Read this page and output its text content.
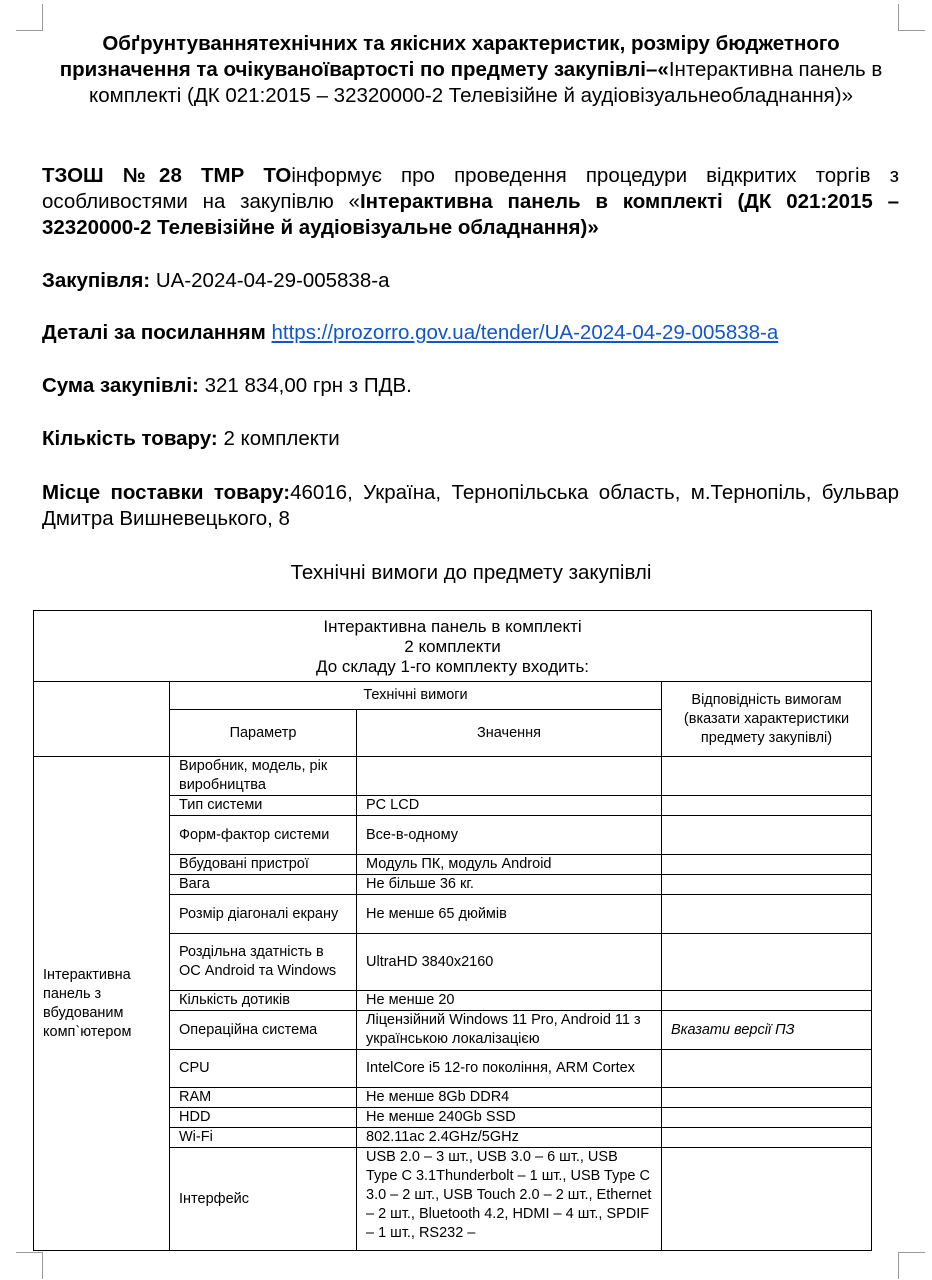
Обґрунтуваннятехнічних та якісних характеристик, розміру бюджетного призначення та очікуваноївартості по предмету закупівлі–«Інтерактивна панель в комплекті (ДК 021:2015 – 32320000-2 Телевізійне й аудіовізуальнеобладнання)»
ТЗОШ №28 ТМР ТОінформує про проведення процедури відкритих торгів з особливостями на закупівлю «Інтерактивна панель в комплекті (ДК 021:2015 – 32320000-2 Телевізійне й аудіовізуальне обладнання)»
Закупівля: UA-2024-04-29-005838-a
Деталі за посиланням https://prozorro.gov.ua/tender/UA-2024-04-29-005838-a
Сума закупівлі: 321 834,00 грн з ПДВ.
Кількість товару: 2 комплекти
Місце поставки товару:46016, Україна, Тернопільська область, м.Тернопіль, бульвар Дмитра Вишневецького, 8
Технічні вимоги до предмету закупівлі
Інтерактивна панель в комплекті
2 комплекти
До складу 1-го комплекту входить:			

	Технічні вимоги		Відповідність вимогам (вказати характеристики предмету закупівлі)
	Параметр	Значення	
Інтерактивна панель з вбудованим комп`ютером	Виробник, модель, рік виробництва		
	Тип системи	PC LCD	
	Форм-фактор системи	Все-в-одному	
	Вбудовані пристрої	Модуль ПК, модуль Android	
	Вага	Не більше 36 кг.	
	Розмір діагоналі екрану	Не менше 65 дюймів	
	Роздільна здатність в ОС Android та Windows	UltraHD 3840x2160	
	Кількість дотиків	Не менше 20	
	Операційна система	Ліцензійний Windows 11 Pro, Android 11 з українською локалізацією	Вказати версії ПЗ
	CPU	IntelCore i5 12-го покоління, ARM Cortex	
	RAM	Не менше 8Gb DDR4	
	HDD	Не менше 240Gb SSD	
	Wi-Fi	802.11ac 2.4GHz/5GHz	
	Інтерфейс	USB 2.0 – 3 шт., USB 3.0 – 6 шт., USB Type C 3.1Thunderbolt – 1 шт., USB Type C 3.0 – 2 шт., USB Touch 2.0 – 2 шт., Ethernet – 2 шт., Bluetooth 4.2, HDMI – 4 шт., SPDIF – 1 шт., RS232 –	
